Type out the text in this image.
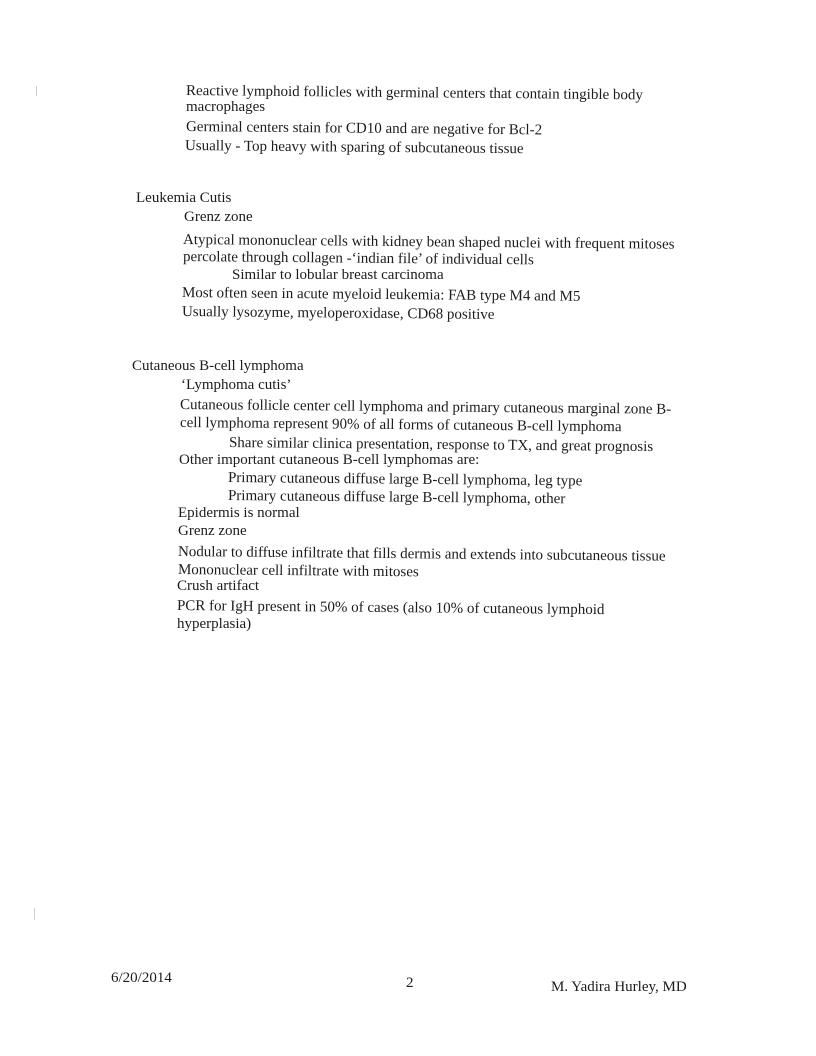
Reactive lymphoid follicles with germinal centers that contain tingible body
macrophages
Germinal centers stain for CD10 and are negative for Bcl-2
Usually - Top heavy with sparing of subcutaneous tissue
Leukemia Cutis
Grenz zone
Atypical mononuclear cells with kidney bean shaped nuclei with frequent mitoses
percolate through collagen -‘indian file’ of individual cells
Similar to lobular breast carcinoma
Most often seen in acute myeloid leukemia: FAB type M4 and M5
Usually lysozyme, myeloperoxidase, CD68 positive
Cutaneous B-cell lymphoma
‘Lymphoma cutis’
Cutaneous follicle center cell lymphoma and primary cutaneous marginal zone B-
cell lymphoma represent 90% of all forms of cutaneous B-cell lymphoma
Share similar clinica presentation, response to TX, and great prognosis
Other important cutaneous B-cell lymphomas are:
Primary cutaneous diffuse large B-cell lymphoma, leg type
Primary cutaneous diffuse large B-cell lymphoma, other
Epidermis is normal
Grenz zone
Nodular to diffuse infiltrate that fills dermis and extends into subcutaneous tissue
Mononuclear cell infiltrate with mitoses
Crush artifact
PCR for IgH present in 50% of cases (also 10% of cutaneous lymphoid
hyperplasia)
6/20/2014	2	M. Yadira Hurley, MD
